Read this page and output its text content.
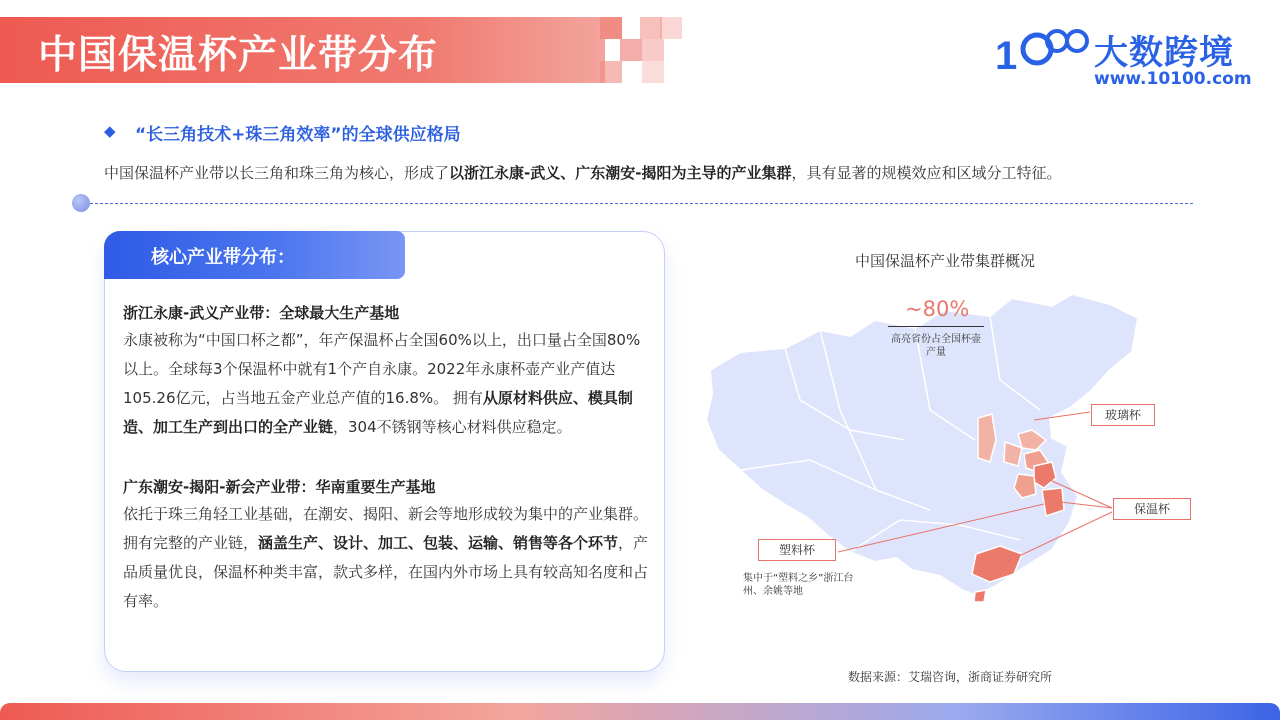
中国保温杯产业带分布	1 大数跨境
www.10100.com
◆ “长三角技术+珠三角效率”的全球供应格局
中国保温杯产业带以长三角和珠三角为核心，形成了以浙江永康-武义、广东潮安-揭阳为主导的产业集群，具有显著的规模效应和区域分工特征。
核心产业带分布：
浙江永康-武义产业带：全球最大生产基地
永康被称为“中国口杯之都”，年产保温杯占全国60%以上，出口量占全国80%以上。全球每3个保温杯中就有1个产自永康。2022年永康杯壶产业产值达105.26亿元，占当地五金产业总产值的16.8%。 拥有从原材料供应、模具制造、加工生产到出口的全产业链，304不锈钢等核心材料供应稳定。
广东潮安-揭阳-新会产业带：华南重要生产基地
依托于珠三角轻工业基础，在潮安、揭阳、新会等地形成较为集中的产业集群。拥有完整的产业链，涵盖生产、设计、加工、包装、运输、销售等各个环节，产品质量优良，保温杯种类丰富，款式多样，在国内外市场上具有较高知名度和占有率。
中国保温杯产业带集群概况
~80%
高亮省份占全国杯壶产量
玻璃杯
保温杯
塑料杯
集中于“塑料之乡”浙江台州、余姚等地
数据来源：艾瑞咨询，浙商证券研究所
